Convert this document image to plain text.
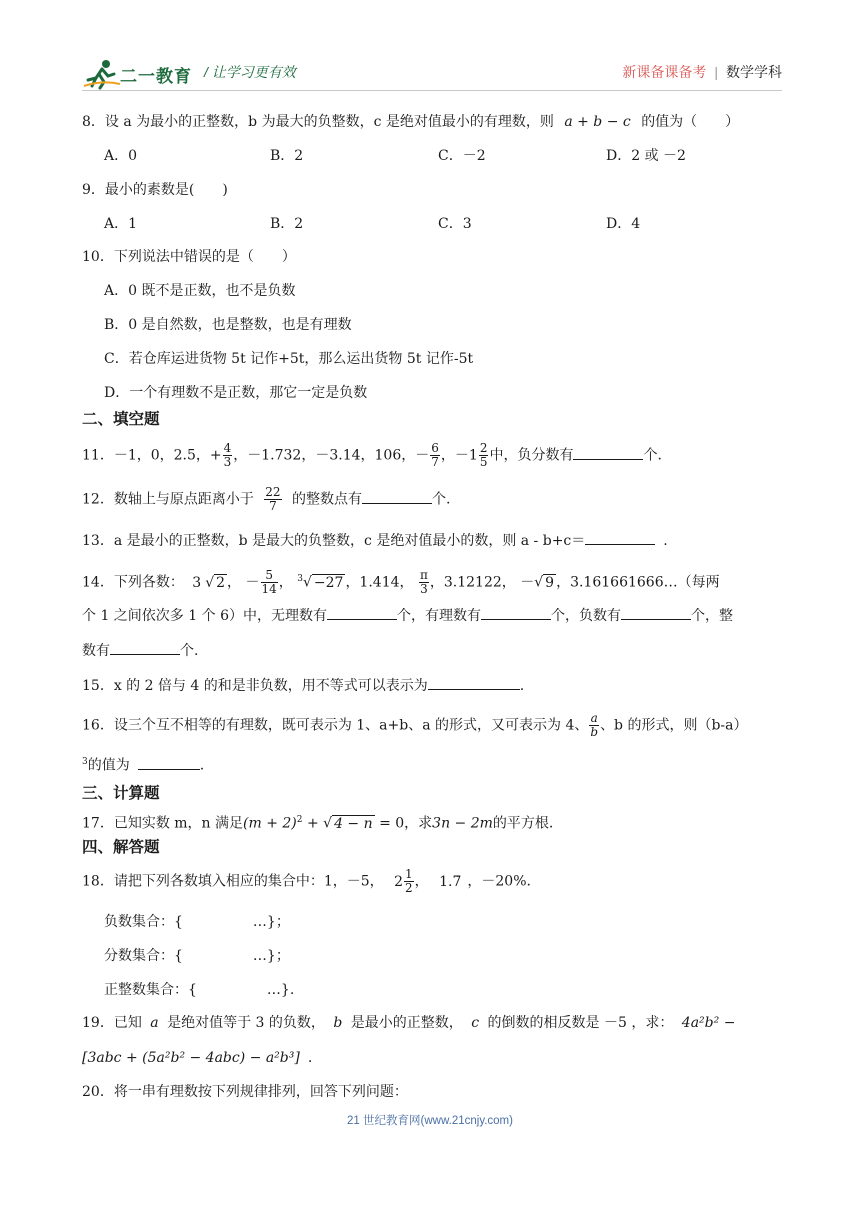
二一教育 / 让学习更有效	新课备课备考 | 数学学科
8．设 a 为最小的正整数，b 为最大的负整数，c 是绝对值最小的有理数，则 a + b − c 的值为（　　）
A．0	B．2	C．－2	D．2 或 －2
9．最小的素数是(　　)
A．1	B．2	C．3	D．4
10．下列说法中错误的是（　　）
A．0 既不是正数，也不是负数
B．0 是自然数，也是整数，也是有理数
C．若仓库运进货物 5t 记作+5t，那么运出货物 5t 记作-5t
D．一个有理数不是正数，那它一定是负数
二、填空题
11．－1，0，2.5，+ $\frac{4}{3}$ ，－1.732，－3.14，106，－ $\frac{6}{7}$ ，$-1 \frac{2}{5}$ 中，负分数有	个.
12．数轴上与原点距离小于 $\frac{22}{7}$ 的整数点有	个.
13．a 是最小的正整数，b 是最大的负整数，c 是绝对值最小的数，则 a - b+c＝	.
14．下列各数： 3 √ 2 ， － $\frac{5}{14}$ ， $^3$√ −27 ，1.414， $\frac{\pi}{3}$ ，3.12122， －√ 9 ，3.161661666…（每两
个 1 之间依次多 1 个 6）中，无理数有	个，有理数有	个，负数有	个，整
数有	个.
15．x 的 2 倍与 4 的和是非负数，用不等式可以表示为	.
16．设三个互不相等的有理数，既可表示为 1、a+b、a 的形式，又可表示为 4、 $\frac{a}{b}$ 、b 的形式，则（b-a）
$^3$的值为	.
三、计算题
17．已知实数 m，n 满足$(m + 2)^2$ + √ 4 − n = 0，求3n − 2m的平方根.
四、解答题
18．请把下列各数填入相应的集合中：1，－5， $2 \frac{1}{2}$ ， 1.7̇ ，－20%.
负数集合：{　　　　　…}；
分数集合：{　　　　　…}；
正整数集合：{　　　　　…}.
19．已知 a 是绝对值等于 3 的负数， b 是最小的正整数， c 的倒数的相反数是 －5 ，求： 4a²b² −
[3abc + (5a²b² − 4abc) − a²b³] .
20．将一串有理数按下列规律排列，回答下列问题：
21 世纪教育网(www.21cnjy.com)
